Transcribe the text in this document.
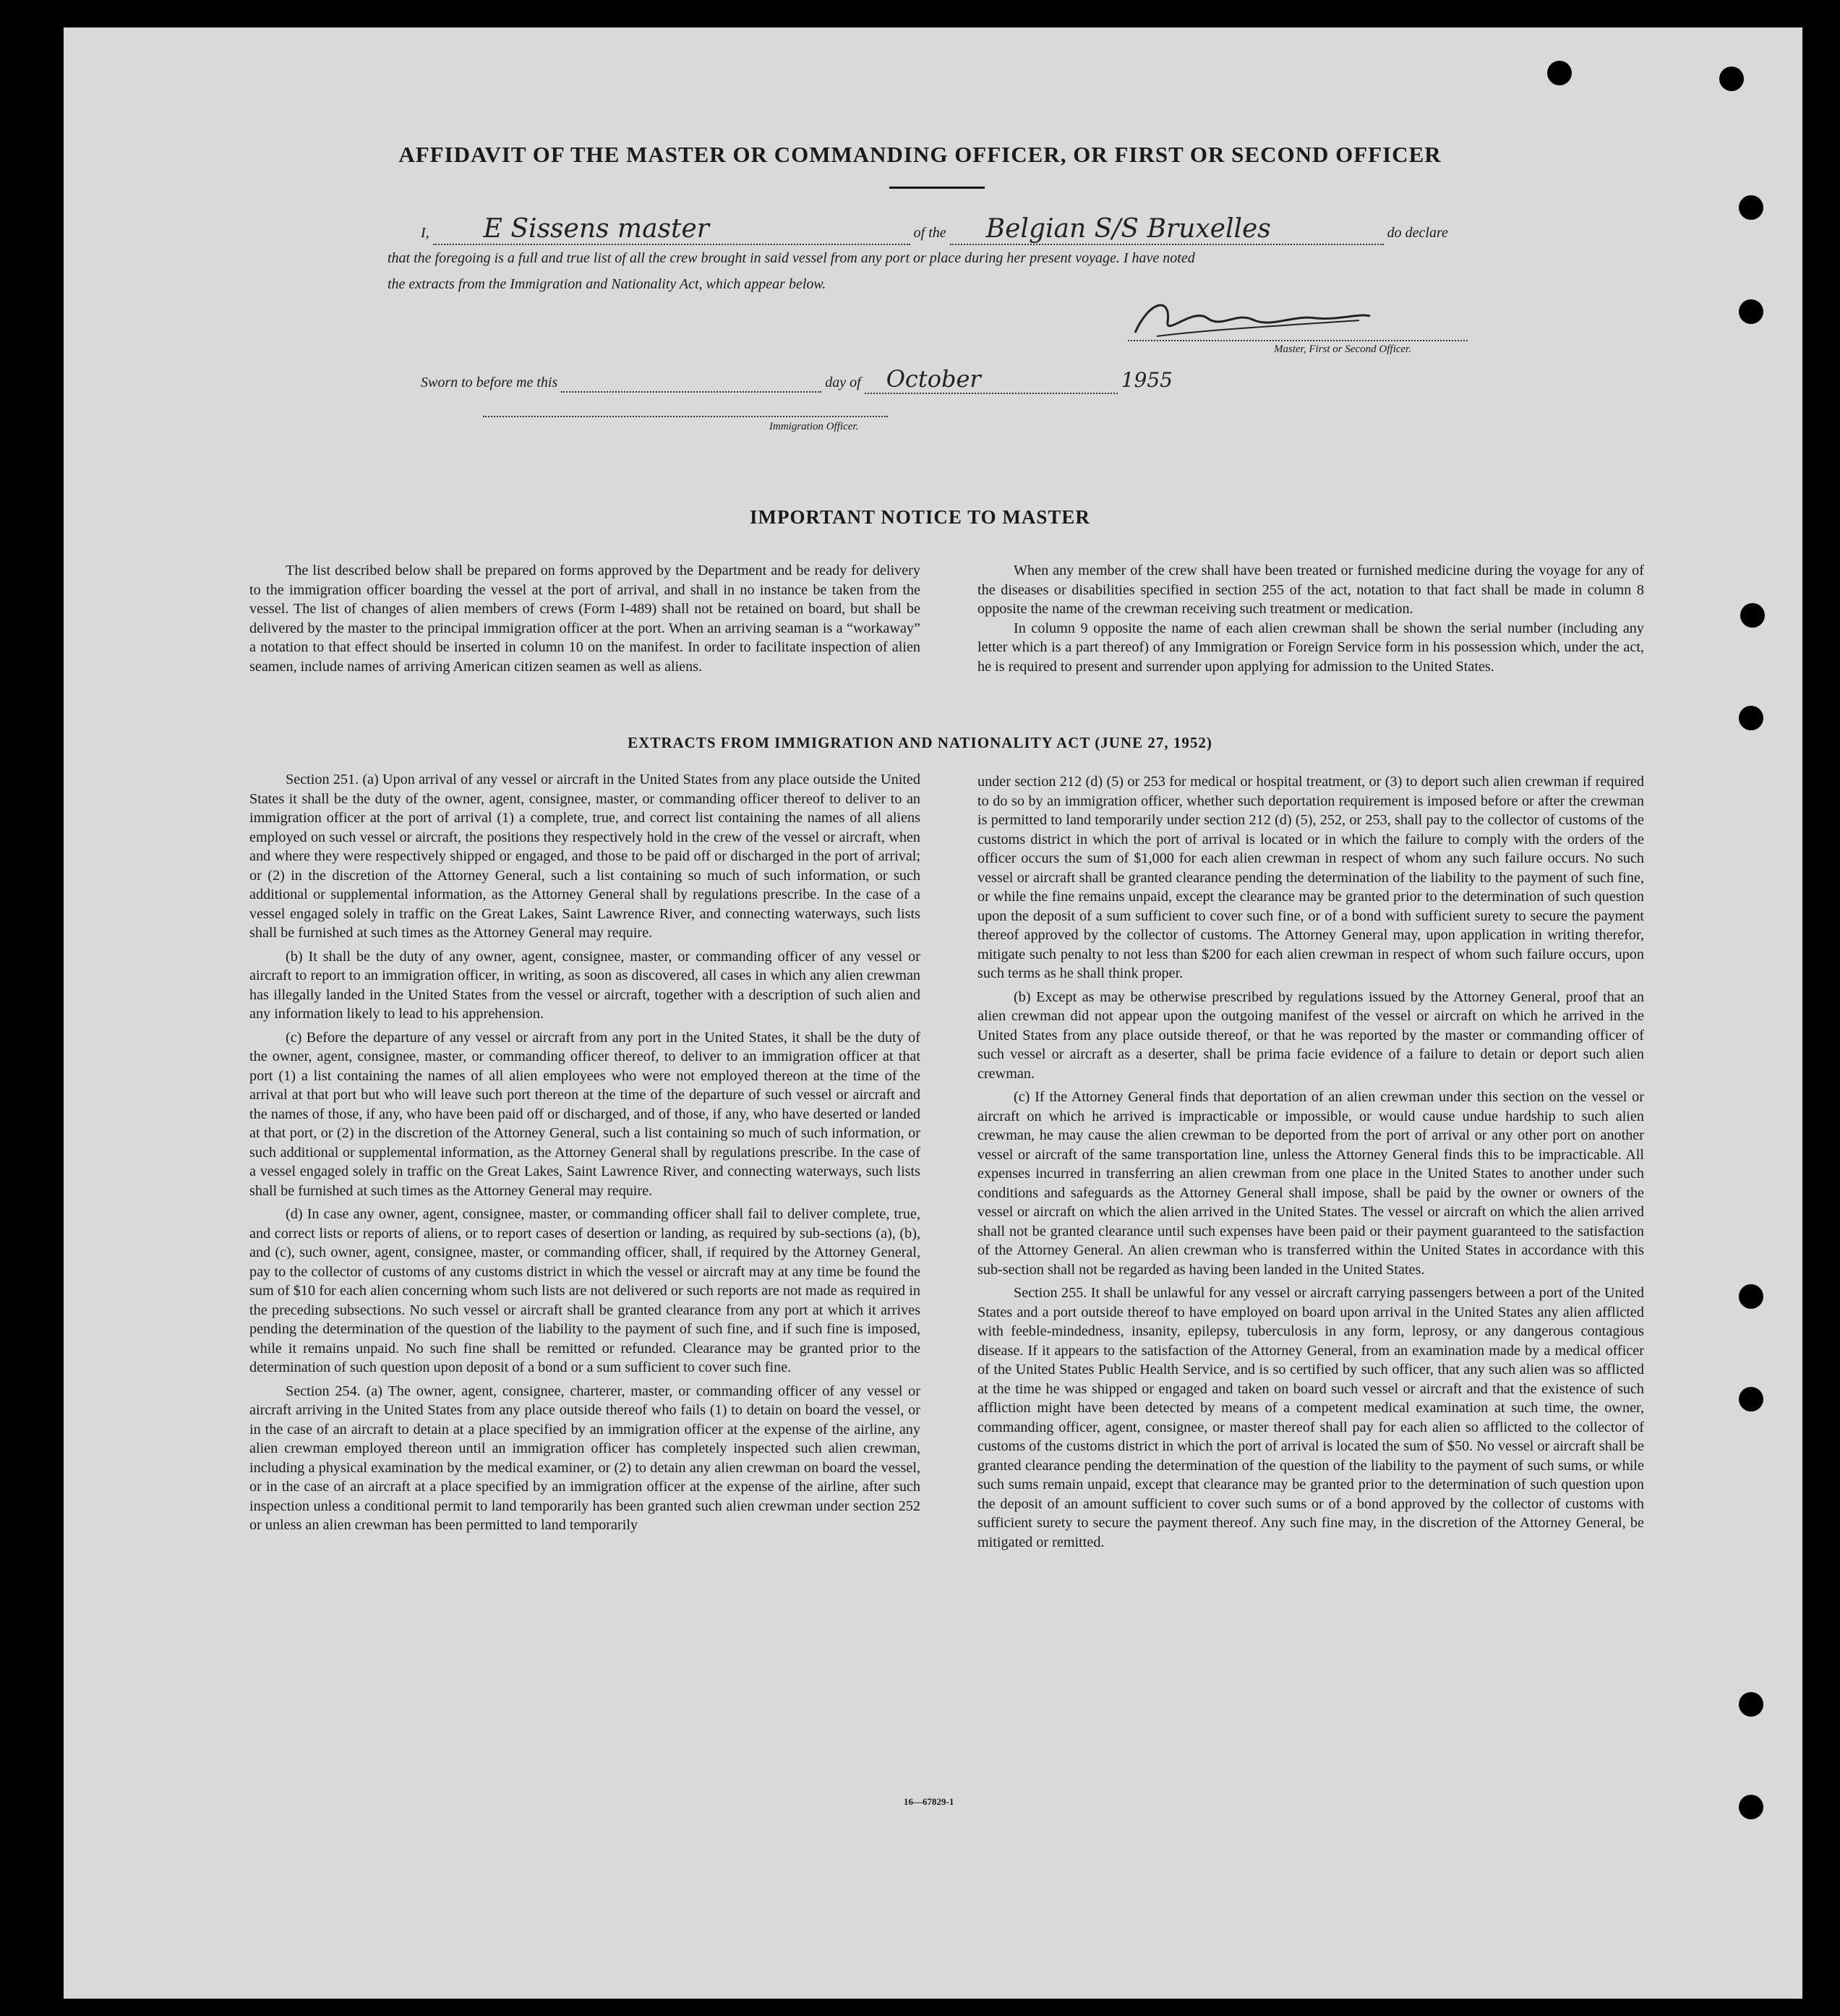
AFFIDAVIT OF THE MASTER OR COMMANDING OFFICER, OR FIRST OR SECOND OFFICER
I, E Sissens master	of the Belgian S/S Bruxelles	do declare
that the foregoing is a full and true list of all the crew brought in said vessel from any port or place during her present voyage. I have noted
the extracts from the Immigration and Nationality Act, which appear below.
Master, First or Second Officer.
Sworn to before me this	day of October	1955
Immigration Officer.
IMPORTANT NOTICE TO MASTER

The list described below shall be prepared on forms approved by the Department and be ready for delivery to the immigration officer boarding the vessel at the port of arrival, and shall in no instance be taken from the vessel. The list of changes of alien members of crews (Form I-489) shall not be retained on board, but shall be delivered by the master to the principal immigration officer at the port. When an arriving seaman is a “workaway” a notation to that effect should be inserted in column 10 on the manifest. In order to facilitate inspection of alien seamen, include names of arriving American citizen seamen as well as aliens.

When any member of the crew shall have been treated or furnished medicine during the voyage for any of the diseases or disabilities specified in section 255 of the act, notation to that fact shall be made in column 8 opposite the name of the crewman receiving such treatment or medication.

In column 9 opposite the name of each alien crewman shall be shown the serial number (including any letter which is a part thereof) of any Immigration or Foreign Service form in his possession which, under the act, he is required to present and surrender upon applying for admission to the United States.

EXTRACTS FROM IMMIGRATION AND NATIONALITY ACT (JUNE 27, 1952)

Section 251. (a) Upon arrival of any vessel or aircraft in the United States from any place outside the United States it shall be the duty of the owner, agent, consignee, master, or commanding officer thereof to deliver to an immigration officer at the port of arrival (1) a complete, true, and correct list containing the names of all aliens employed on such vessel or aircraft, the positions they respectively hold in the crew of the vessel or aircraft, when and where they were respectively shipped or engaged, and those to be paid off or discharged in the port of arrival; or (2) in the discretion of the Attorney General, such a list containing so much of such information, or such additional or supplemental information, as the Attorney General shall by regulations prescribe. In the case of a vessel engaged solely in traffic on the Great Lakes, Saint Lawrence River, and connecting waterways, such lists shall be furnished at such times as the Attorney General may require.

(b) It shall be the duty of any owner, agent, consignee, master, or commanding officer of any vessel or aircraft to report to an immigration officer, in writing, as soon as discovered, all cases in which any alien crewman has illegally landed in the United States from the vessel or aircraft, together with a description of such alien and any information likely to lead to his apprehension.

(c) Before the departure of any vessel or aircraft from any port in the United States, it shall be the duty of the owner, agent, consignee, master, or commanding officer thereof, to deliver to an immigration officer at that port (1) a list containing the names of all alien employees who were not employed thereon at the time of the arrival at that port but who will leave such port thereon at the time of the departure of such vessel or aircraft and the names of those, if any, who have been paid off or discharged, and of those, if any, who have deserted or landed at that port, or (2) in the discretion of the Attorney General, such a list containing so much of such information, or such additional or supplemental information, as the Attorney General shall by regulations prescribe. In the case of a vessel engaged solely in traffic on the Great Lakes, Saint Lawrence River, and connecting waterways, such lists shall be furnished at such times as the Attorney General may require.

(d) In case any owner, agent, consignee, master, or commanding officer shall fail to deliver complete, true, and correct lists or reports of aliens, or to report cases of desertion or landing, as required by sub-sections (a), (b), and (c), such owner, agent, consignee, master, or commanding officer, shall, if required by the Attorney General, pay to the collector of customs of any customs district in which the vessel or aircraft may at any time be found the sum of $10 for each alien concerning whom such lists are not delivered or such reports are not made as required in the preceding subsections. No such vessel or aircraft shall be granted clearance from any port at which it arrives pending the determination of the question of the liability to the payment of such fine, and if such fine is imposed, while it remains unpaid. No such fine shall be remitted or refunded. Clearance may be granted prior to the determination of such question upon deposit of a bond or a sum sufficient to cover such fine.

Section 254. (a) The owner, agent, consignee, charterer, master, or commanding officer of any vessel or aircraft arriving in the United States from any place outside thereof who fails (1) to detain on board the vessel, or in the case of an aircraft to detain at a place specified by an immigration officer at the expense of the airline, any alien crewman employed thereon until an immigration officer has completely inspected such alien crewman, including a physical examination by the medical examiner, or (2) to detain any alien crewman on board the vessel, or in the case of an aircraft at a place specified by an immigration officer at the expense of the airline, after such inspection unless a conditional permit to land temporarily has been granted such alien crewman under section 252 or unless an alien crewman has been permitted to land temporarily

under section 212 (d) (5) or 253 for medical or hospital treatment, or (3) to deport such alien crewman if required to do so by an immigration officer, whether such deportation requirement is imposed before or after the crewman is permitted to land temporarily under section 212 (d) (5), 252, or 253, shall pay to the collector of customs of the customs district in which the port of arrival is located or in which the failure to comply with the orders of the officer occurs the sum of $1,000 for each alien crewman in respect of whom any such failure occurs. No such vessel or aircraft shall be granted clearance pending the determination of the liability to the payment of such fine, or while the fine remains unpaid, except the clearance may be granted prior to the determination of such question upon the deposit of a sum sufficient to cover such fine, or of a bond with sufficient surety to secure the payment thereof approved by the collector of customs. The Attorney General may, upon application in writing therefor, mitigate such penalty to not less than $200 for each alien crewman in respect of whom such failure occurs, upon such terms as he shall think proper.

(b) Except as may be otherwise prescribed by regulations issued by the Attorney General, proof that an alien crewman did not appear upon the outgoing manifest of the vessel or aircraft on which he arrived in the United States from any place outside thereof, or that he was reported by the master or commanding officer of such vessel or aircraft as a deserter, shall be prima facie evidence of a failure to detain or deport such alien crewman.

(c) If the Attorney General finds that deportation of an alien crewman under this section on the vessel or aircraft on which he arrived is impracticable or impossible, or would cause undue hardship to such alien crewman, he may cause the alien crewman to be deported from the port of arrival or any other port on another vessel or aircraft of the same transportation line, unless the Attorney General finds this to be impracticable. All expenses incurred in transferring an alien crewman from one place in the United States to another under such conditions and safeguards as the Attorney General shall impose, shall be paid by the owner or owners of the vessel or aircraft on which the alien arrived in the United States. The vessel or aircraft on which the alien arrived shall not be granted clearance until such expenses have been paid or their payment guaranteed to the satisfaction of the Attorney General. An alien crewman who is transferred within the United States in accordance with this sub-section shall not be regarded as having been landed in the United States.

Section 255. It shall be unlawful for any vessel or aircraft carrying passengers between a port of the United States and a port outside thereof to have employed on board upon arrival in the United States any alien afflicted with feeble-mindedness, insanity, epilepsy, tuberculosis in any form, leprosy, or any dangerous contagious disease. If it appears to the satisfaction of the Attorney General, from an examination made by a medical officer of the United States Public Health Service, and is so certified by such officer, that any such alien was so afflicted at the time he was shipped or engaged and taken on board such vessel or aircraft and that the existence of such affliction might have been detected by means of a competent medical examination at such time, the owner, commanding officer, agent, consignee, or master thereof shall pay for each alien so afflicted to the collector of customs of the customs district in which the port of arrival is located the sum of $50. No vessel or aircraft shall be granted clearance pending the determination of the question of the liability to the payment of such sums, or while such sums remain unpaid, except that clearance may be granted prior to the determination of such question upon the deposit of an amount sufficient to cover such sums or of a bond approved by the collector of customs with sufficient surety to secure the payment thereof. Any such fine may, in the discretion of the Attorney General, be mitigated or remitted.

16—67829-1
